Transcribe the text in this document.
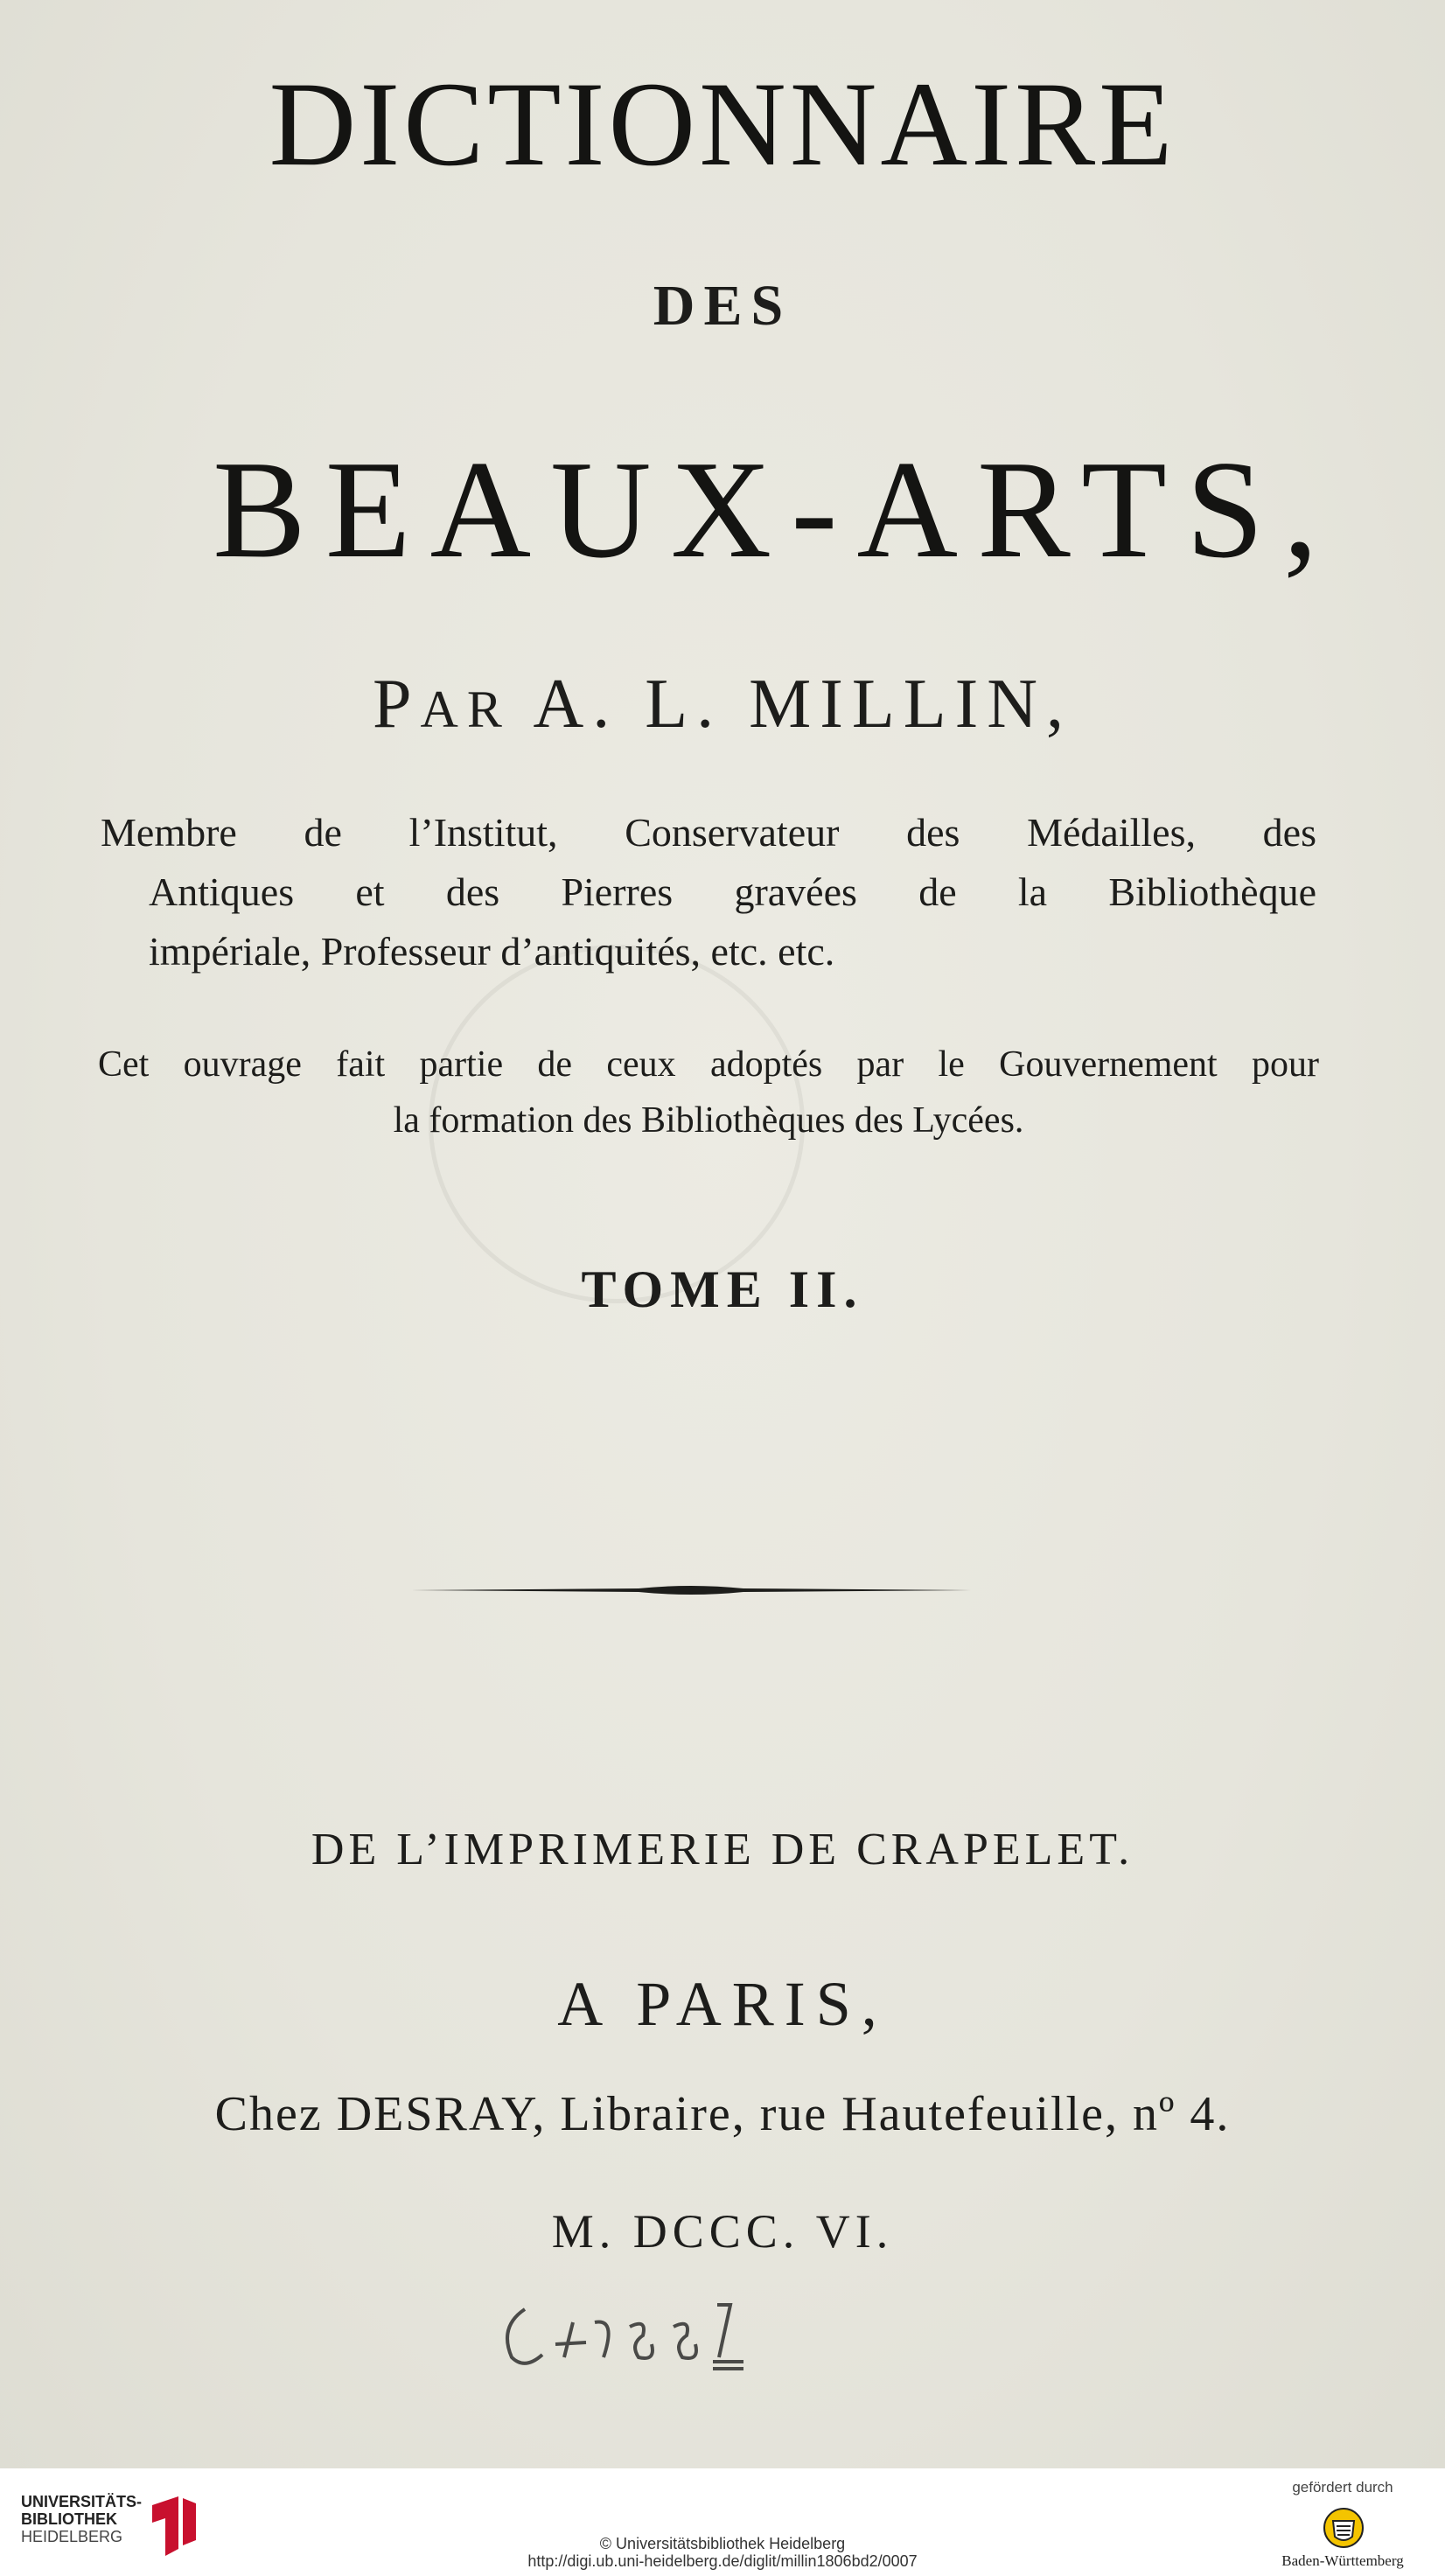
DICTIONNAIRE
DES
BEAUX-ARTS,
PAR A. L. MILLIN,
Membre de l’Institut, Conservateur des Médailles, des
Antiques et des Pierres gravées de la Bibliothèque
impériale, Professeur d’antiquités, etc. etc.
Cet ouvrage fait partie de ceux adoptés par le Gouvernement pour
la formation des Bibliothèques des Lycées.
TOME II.
DE L’IMPRIMERIE DE CRAPELET.
A PARIS,
Chez DESRAY, Libraire, rue Hautefeuille, nº 4.
M. DCCC. VI.
UNIVERSITÄTS-
BIBLIOTHEK
HEIDELBERG	© Universitätsbibliothek Heidelberg
http://digi.ub.uni-heidelberg.de/diglit/millin1806bd2/0007
gefördert durch
Baden-Württemberg
